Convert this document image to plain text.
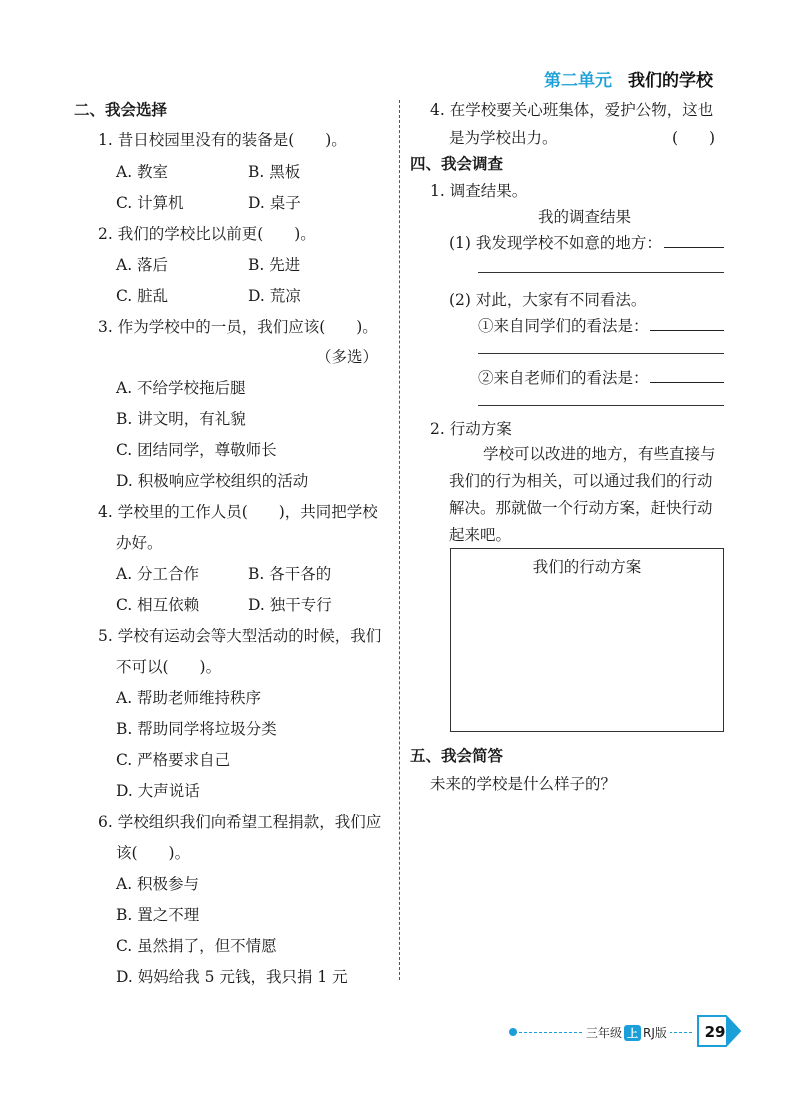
第二单元 我们的学校
二、我会选择
1. 昔日校园里没有的装备是(　　)。
A. 教室	B. 黑板
C. 计算机	D. 桌子
2. 我们的学校比以前更(　　)。
A. 落后	B. 先进
C. 脏乱	D. 荒凉
3. 作为学校中的一员，我们应该(　　)。
（多选）
A. 不给学校拖后腿
B. 讲文明，有礼貌
C. 团结同学，尊敬师长
D. 积极响应学校组织的活动
4. 学校里的工作人员(　　)，共同把学校
办好。
A. 分工合作	B. 各干各的
C. 相互依赖	D. 独干专行
5. 学校有运动会等大型活动的时候，我们
不可以(　　)。
A. 帮助老师维持秩序
B. 帮助同学将垃圾分类
C. 严格要求自己
D. 大声说话
6. 学校组织我们向希望工程捐款，我们应
该(　　)。
A. 积极参与
B. 置之不理
C. 虽然捐了，但不情愿
D. 妈妈给我 5 元钱，我只捐 1 元
4. 在学校要关心班集体，爱护公物，这也
是为学校出力。	(　　)
四、我会调查
1. 调查结果。
我的调查结果
(1) 我发现学校不如意的地方：
(2) 对此，大家有不同看法。
①来自同学们的看法是：
②来自老师们的看法是：
2. 行动方案
学校可以改进的地方，有些直接与
我们的行为相关，可以通过我们的行动
解决。那就做一个行动方案，赶快行动
起来吧。
我们的行动方案
五、我会简答
未来的学校是什么样子的？
三年级 上 RJ版	29
